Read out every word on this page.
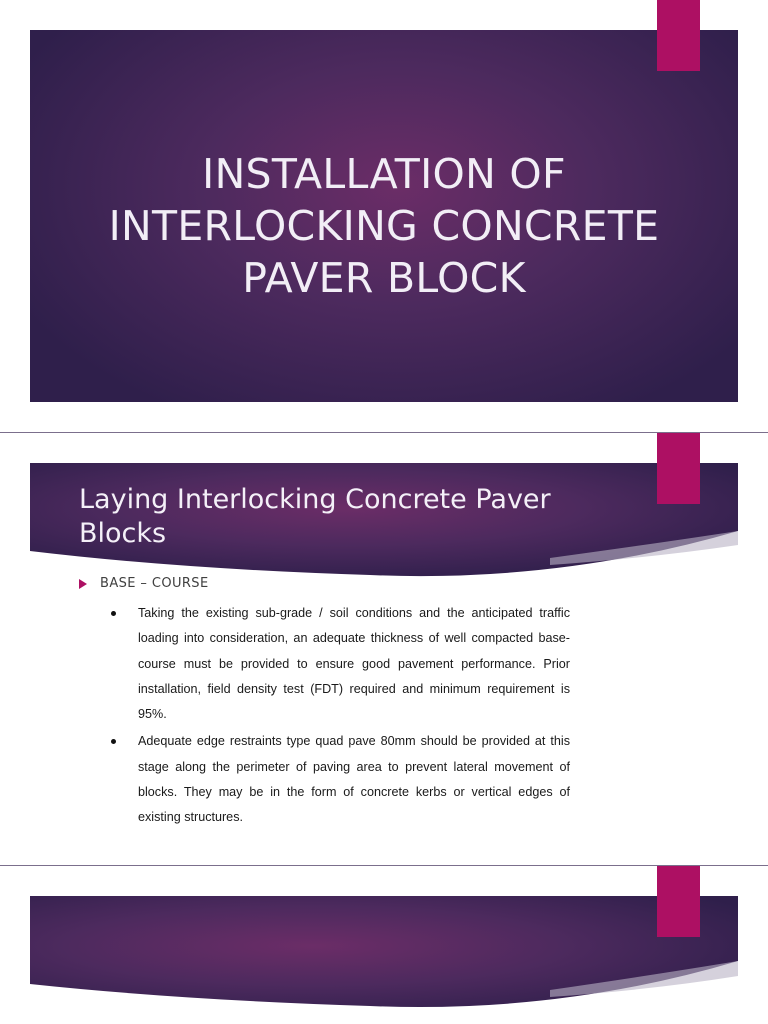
INSTALLATION OF INTERLOCKING CONCRETE PAVER BLOCK
Laying Interlocking Concrete Paver Blocks
BASE – COURSE
Taking the existing sub-grade / soil conditions and the anticipated traffic loading into consideration, an adequate thickness of well compacted base-course must be provided to ensure good pavement performance. Prior installation, field density test (FDT) required and minimum requirement is 95%.
Adequate edge restraints type quad pave 80mm should be provided at this stage along the perimeter of paving area to prevent lateral movement of blocks. They may be in the form of concrete kerbs or vertical edges of existing structures.
